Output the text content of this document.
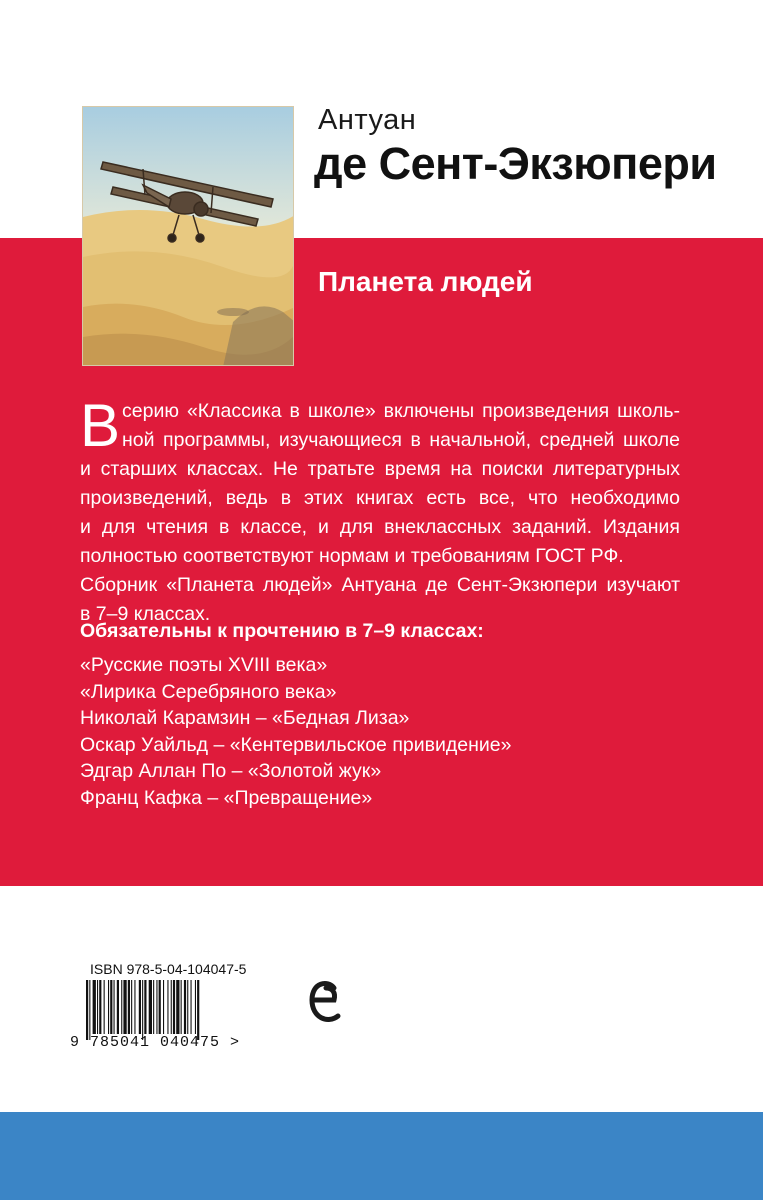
Антуан
де Сент-Экзюпери
Планета людей
В серию «Классика в школе» включены произведения школь-
ной программы, изучающиеся в начальной, средней школе
и старших классах. Не тратьте время на поиски литературных
произведений, ведь в этих книгах есть все, что необходимо
и для чтения в классе, и для внеклассных заданий. Издания
полностью соответствуют нормам и требованиям ГОСТ РФ.
Сборник «Планета людей» Антуана де Сент-Экзюпери изучают
в 7–9 классах.
Обязательны к прочтению в 7–9 классах:
«Русские поэты XVIII века»
«Лирика Серебряного века»
Николай Карамзин – «Бедная Лиза»
Оскар Уайльд – «Кентервильское привидение»
Эдгар Аллан По – «Золотой жук»
Франц Кафка – «Превращение»
ISBN 978-5-04-104047-5
9 785041 040475 >
